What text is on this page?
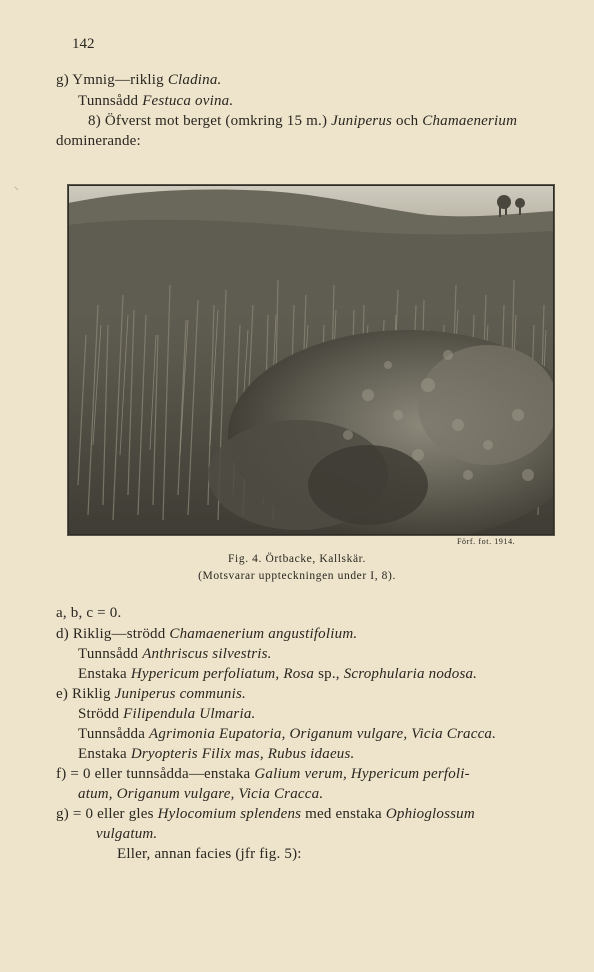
142
g) Ymnig—riklig Cladina.
Tunnsådd Festuca ovina.
8) Öfverst mot berget (omkring 15 m.) Juniperus och Chamaenerium
dominerande:
⸌
Förf. fot. 1914.
Fig. 4. Örtbacke, Kallskär.
(Motsvarar uppteckningen under I, 8).
a, b, c = 0.
d) Riklig—strödd Chamaenerium angustifolium.
Tunnsådd Anthriscus silvestris.
Enstaka Hypericum perfoliatum, Rosa sp., Scrophularia nodosa.
e) Riklig Juniperus communis.
Strödd Filipendula Ulmaria.
Tunnsådda Agrimonia Eupatoria, Origanum vulgare, Vicia Cracca.
Enstaka Dryopteris Filix mas, Rubus idaeus.
f) = 0 eller tunnsådda—enstaka Galium verum, Hypericum perfoli-
atum, Origanum vulgare, Vicia Cracca.
g) = 0 eller gles Hylocomium splendens med enstaka Ophioglossum
vulgatum.
Eller, annan facies (jfr fig. 5):
